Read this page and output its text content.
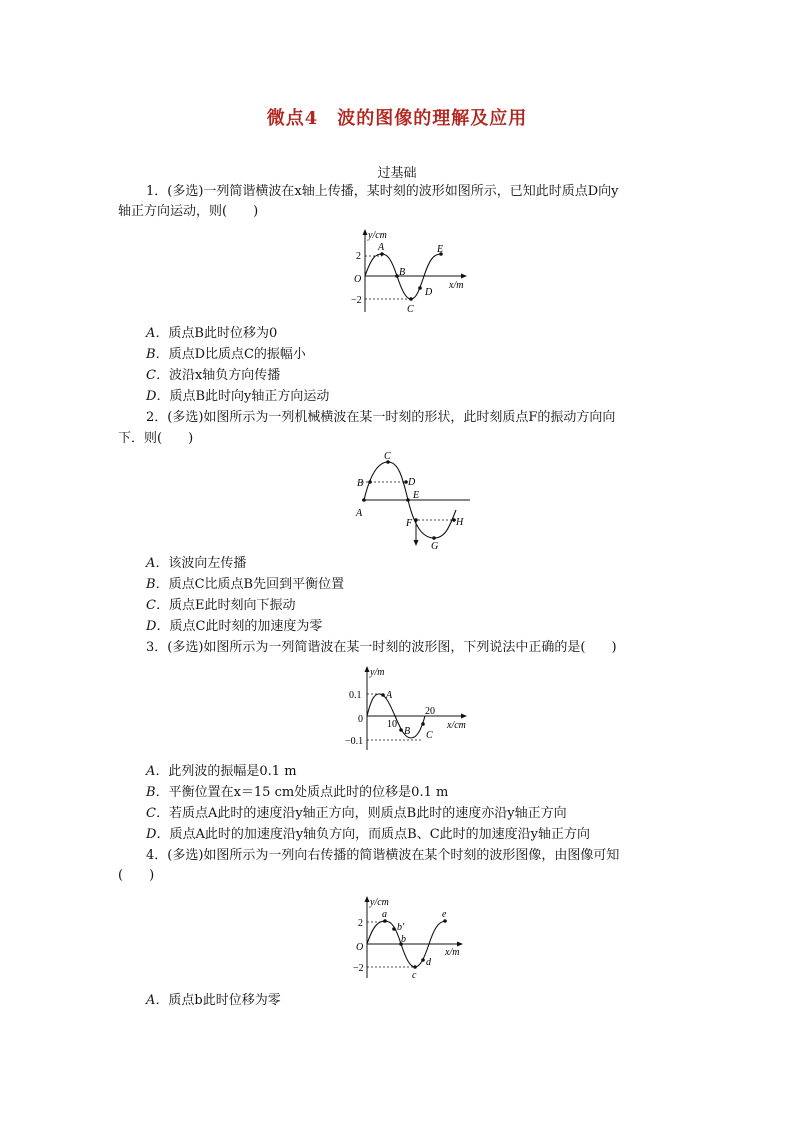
微点4　波的图像的理解及应用
过基础
1．(多选)一列简谐横波在x轴上传播，某时刻的波形如图所示，已知此时质点D向y
轴正方向运动，则(　　)
y/cm
x/m
O
2
−2
A
B
C
D
E
A．质点B此时位移为0
B．质点D比质点C的振幅小
C．波沿x轴负方向传播
D．质点B此时向y轴正方向运动
2．(多选)如图所示为一列机械横波在某一时刻的形状，此时刻质点F的振动方向向
下．则(　　)
A
B
C
D
E
F
G
H
A．该波向左传播
B．质点C比质点B先回到平衡位置
C．质点E此时刻向下振动
D．质点C此时刻的加速度为零
3．(多选)如图所示为一列简谐波在某一时刻的波形图，下列说法中正确的是(　　)
y/m
x/cm
0
0.1
−0.1
10
20
A
B C
A．此列波的振幅是0.1 m
B．平衡位置在x＝15 cm处质点此时的位移是0.1 m
C．若质点A此时的速度沿y轴正方向，则质点B此时的速度亦沿y轴正方向
D．质点A此时的加速度沿y轴负方向，而质点B、C此时的加速度沿y轴正方向
4．(多选)如图所示为一列向右传播的简谐横波在某个时刻的波形图像，由图像可知
(　　)
y/cm
x/m
O
2
−2
a
b′
b
c
d
e
A．质点b此时位移为零
